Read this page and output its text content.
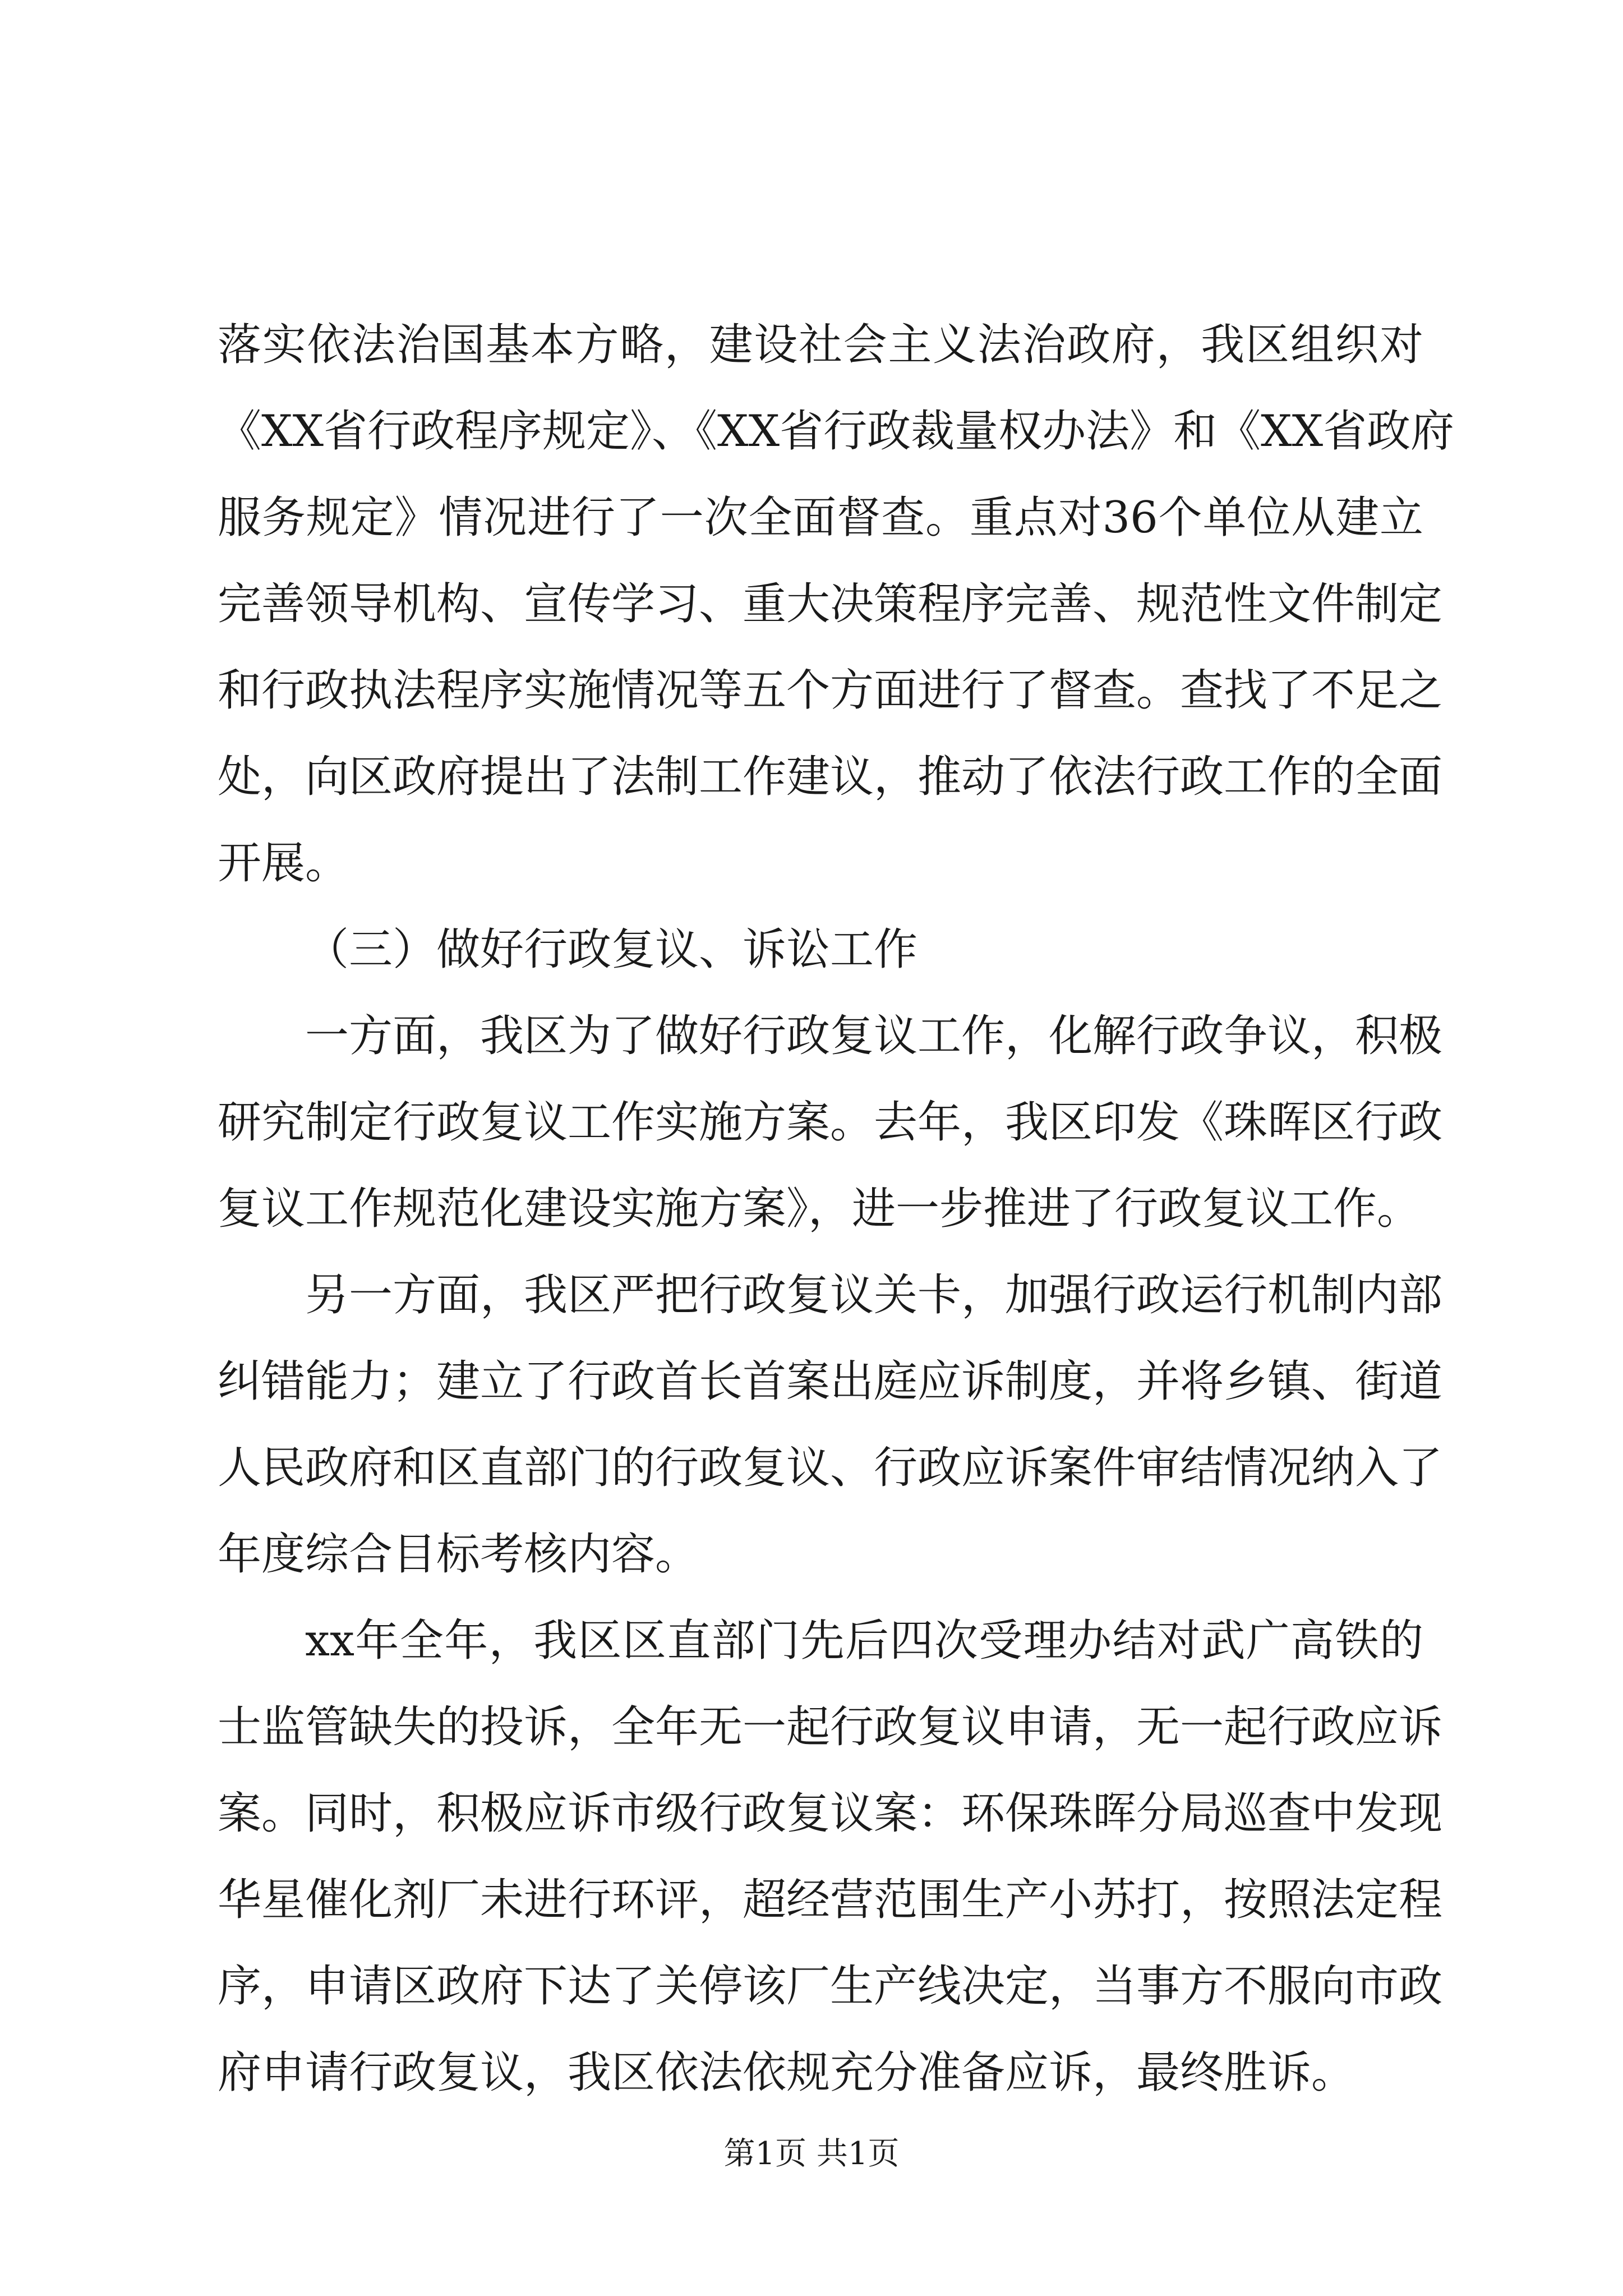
落实依法治国基本方略，建设社会主义法治政府，我区组织对
《XX省行政程序规定》、《XX省行政裁量权办法》和《XX省政府
服务规定》情况进行了一次全面督查。重点对36个单位从建立
完善领导机构、宣传学习、重大决策程序完善、规范性文件制定
和行政执法程序实施情况等五个方面进行了督查。查找了不足之
处，向区政府提出了法制工作建议，推动了依法行政工作的全面
开展。
（三）做好行政复议、诉讼工作
一方面，我区为了做好行政复议工作，化解行政争议，积极
研究制定行政复议工作实施方案。去年，我区印发《珠晖区行政
复议工作规范化建设实施方案》，进一步推进了行政复议工作。
另一方面，我区严把行政复议关卡，加强行政运行机制内部
纠错能力；建立了行政首长首案出庭应诉制度，并将乡镇、街道
人民政府和区直部门的行政复议、行政应诉案件审结情况纳入了
年度综合目标考核内容。
xx年全年，我区区直部门先后四次受理办结对武广高铁的
士监管缺失的投诉，全年无一起行政复议申请，无一起行政应诉
案。同时，积极应诉市级行政复议案：环保珠晖分局巡查中发现
华星催化剂厂未进行环评，超经营范围生产小苏打，按照法定程
序，申请区政府下达了关停该厂生产线决定，当事方不服向市政
府申请行政复议，我区依法依规充分准备应诉，最终胜诉。
第1页 共1页
